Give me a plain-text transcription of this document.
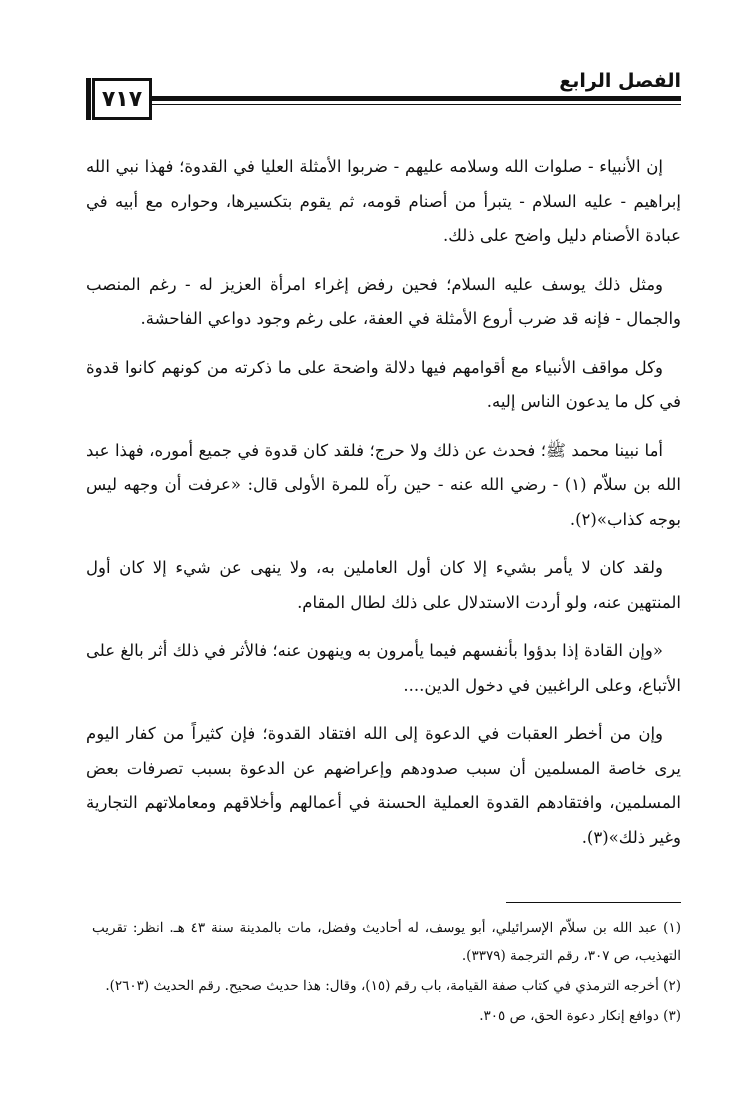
الفصل الرابع
٧١٧

إن الأنبياء - صلوات الله وسلامه عليهم - ضربوا الأمثلة العليا في القدوة؛ فهذا نبي الله إبراهيم - عليه السلام - يتبرأ من أصنام قومه، ثم يقوم بتكسيرها، وحواره مع أبيه في عبادة الأصنام دليل واضح على ذلك.

ومثل ذلك يوسف عليه السلام؛ فحين رفض إغراء امرأة العزيز له - رغم المنصب والجمال - فإنه قد ضرب أروع الأمثلة في العفة، على رغم وجود دواعي الفاحشة.

وكل مواقف الأنبياء مع أقوامهم فيها دلالة واضحة على ما ذكرته من كونهم كانوا قدوة في كل ما يدعون الناس إليه.

أما نبينا محمد ﷺ؛ فحدث عن ذلك ولا حرج؛ فلقد كان قدوة في جميع أموره، فهذا عبد الله بن سلاّم (١) - رضي الله عنه - حين رآه للمرة الأولى قال: «عرفت أن وجهه ليس بوجه كذاب»(٢).

ولقد كان لا يأمر بشيء إلا كان أول العاملين به، ولا ينهى عن شيء إلا كان أول المنتهين عنه، ولو أردت الاستدلال على ذلك لطال المقام.

«وإن القادة إذا بدؤوا بأنفسهم فيما يأمرون به وينهون عنه؛ فالأثر في ذلك أثر بالغ على الأتباع، وعلى الراغبين في دخول الدين....

وإن من أخطر العقبات في الدعوة إلى الله افتقاد القدوة؛ فإن كثيراً من كفار اليوم يرى خاصة المسلمين أن سبب صدودهم وإعراضهم عن الدعوة بسبب تصرفات بعض المسلمين، وافتقادهم القدوة العملية الحسنة في أعمالهم وأخلاقهم ومعاملاتهم التجارية وغير ذلك»(٣).

(١) عبد الله بن سلاّم الإسرائيلي، أبو يوسف، له أحاديث وفضل، مات بالمدينة سنة ٤٣ هـ. انظر: تقريب التهذيب، ص ٣٠٧، رقم الترجمة (٣٣٧٩).

(٢) أخرجه الترمذي في كتاب صفة القيامة، باب رقم (١٥)، وقال: هذا حديث صحيح. رقم الحديث (٢٦٠٣).

(٣) دوافع إنكار دعوة الحق، ص ٣٠٥.
